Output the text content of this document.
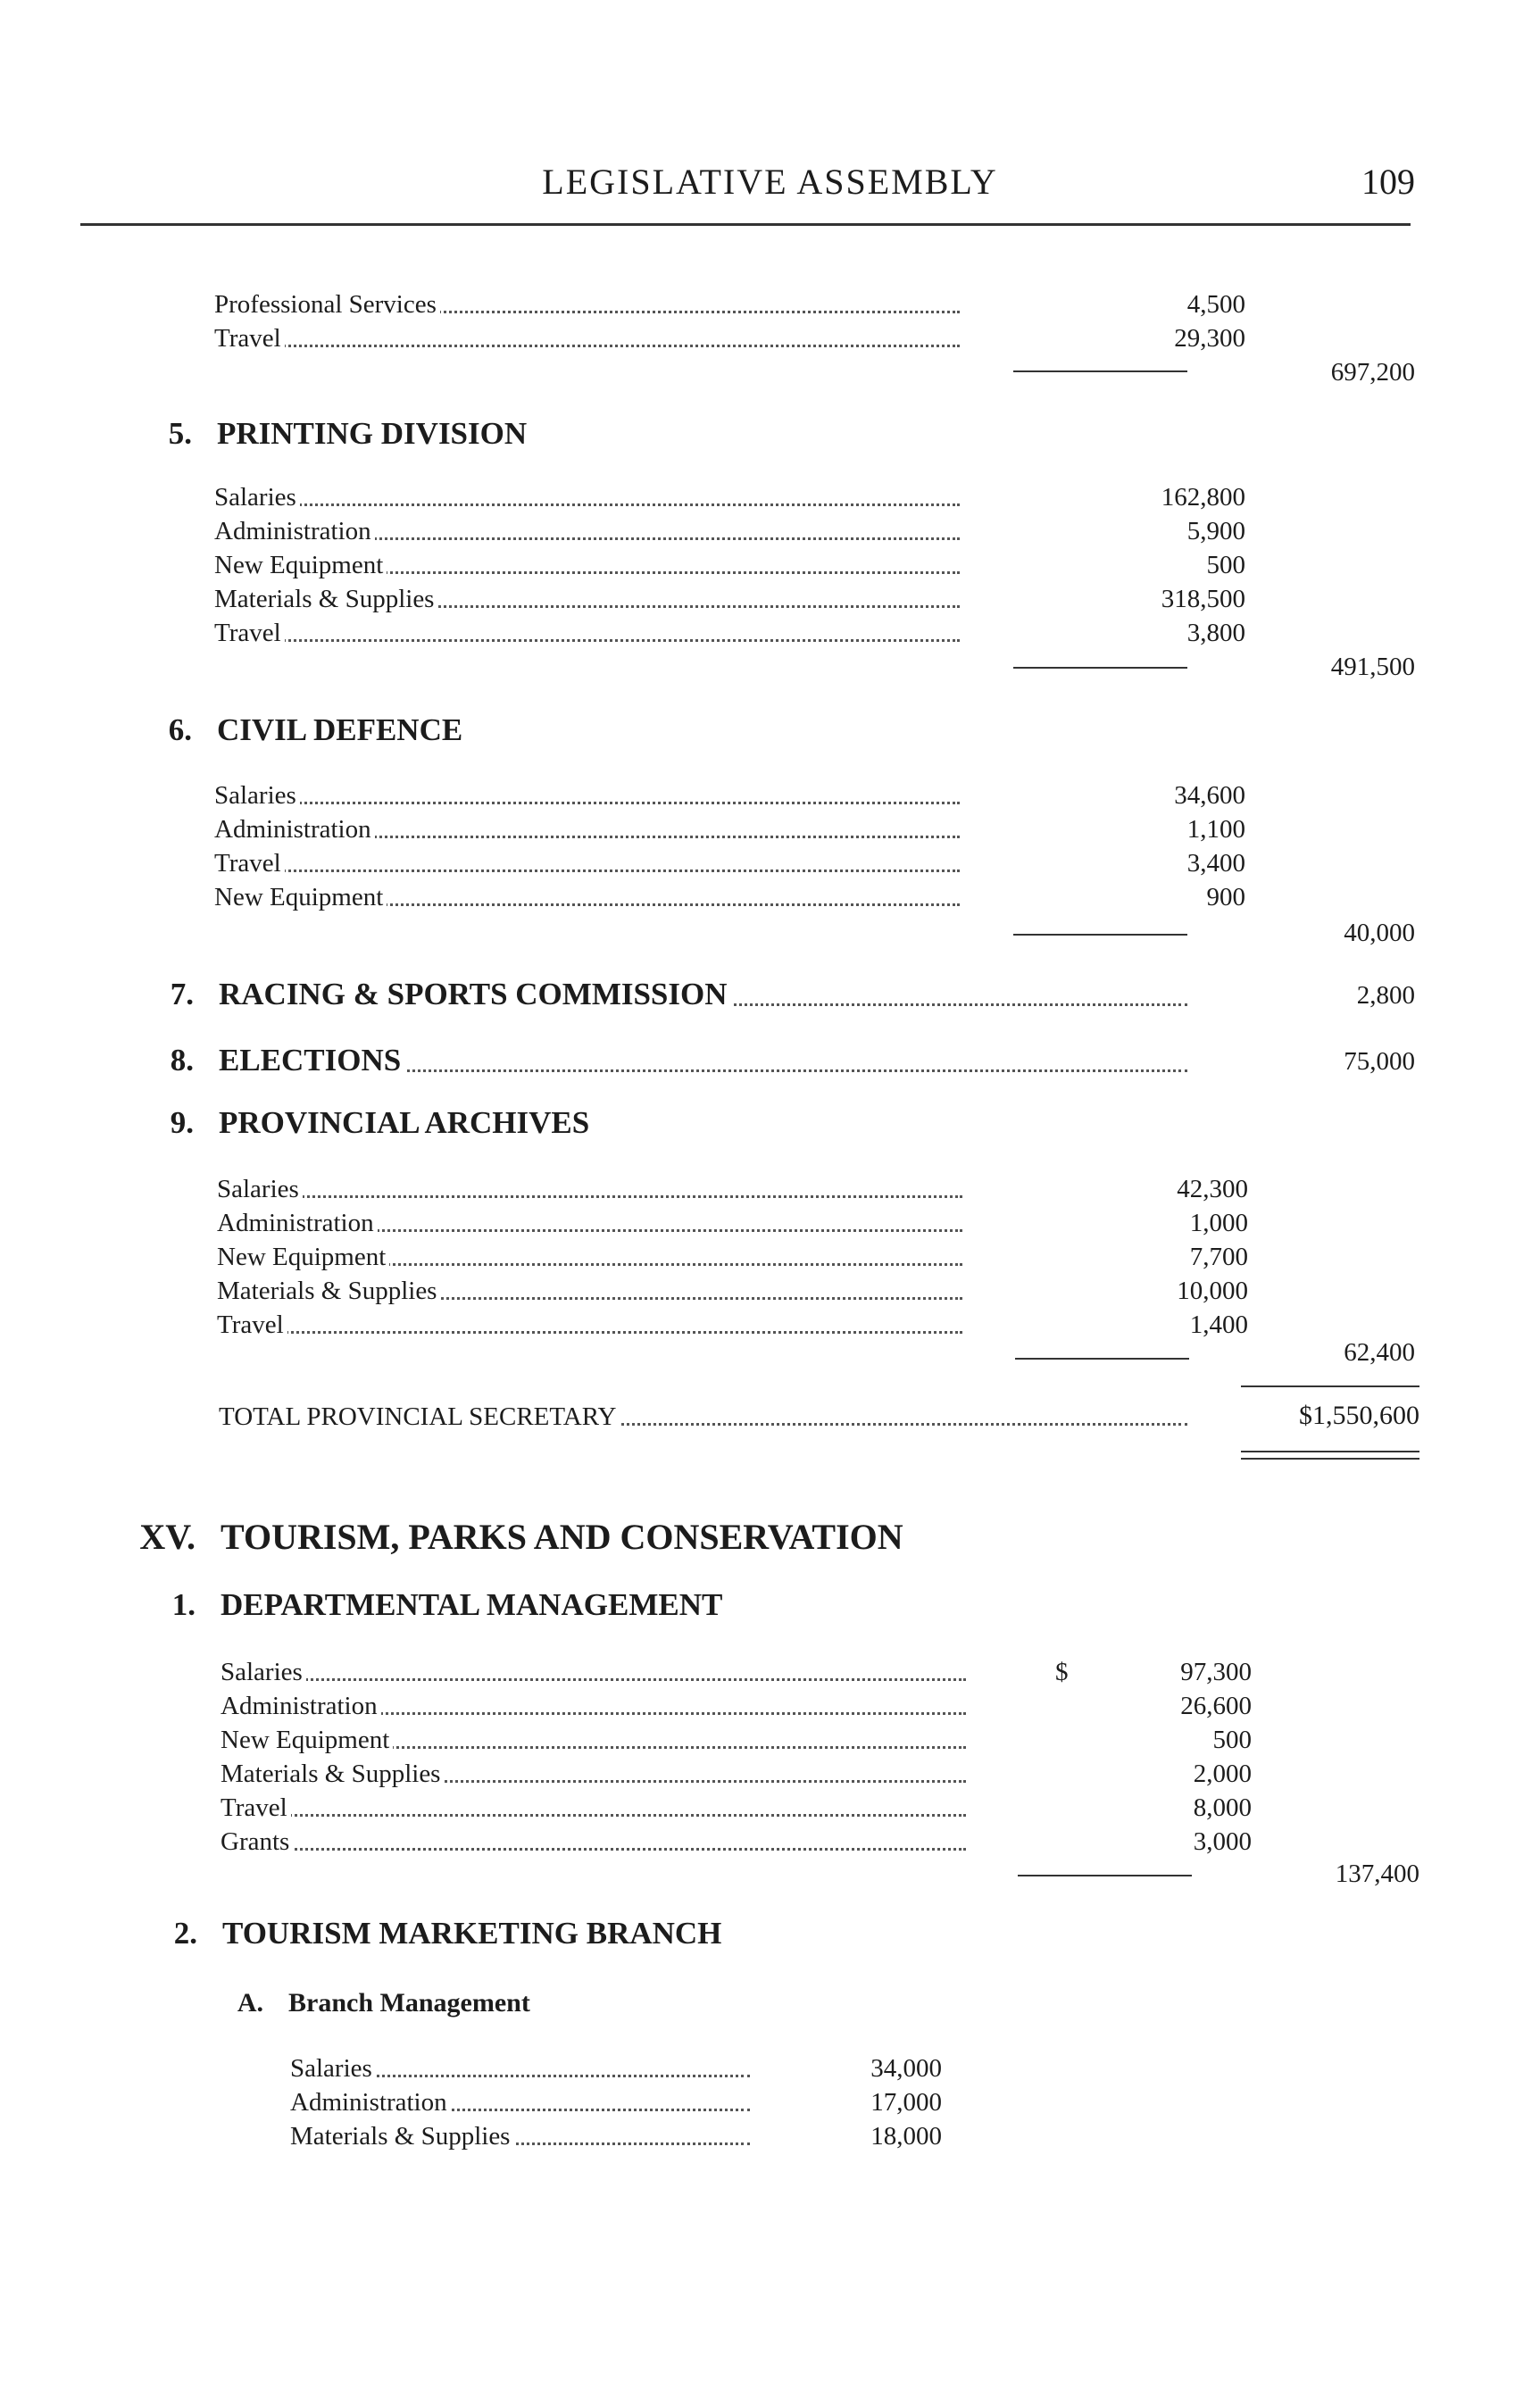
LEGISLATIVE ASSEMBLY	109
Professional Services	4,500
Travel	29,300
697,200
5. PRINTING DIVISION
Salaries	162,800
Administration	5,900
New Equipment	500
Materials & Supplies	318,500
Travel	3,800
491,500
6. CIVIL DEFENCE
Salaries	34,600
Administration	1,100
Travel	3,400
New Equipment	900
40,000
7. RACING & SPORTS COMMISSION	2,800
8. ELECTIONS	75,000
9. PROVINCIAL ARCHIVES
Salaries	42,300
Administration	1,000
New Equipment	7,700
Materials & Supplies	10,000
Travel	1,400
62,400
TOTAL PROVINCIAL SECRETARY	$1,550,600
XV. TOURISM, PARKS AND CONSERVATION
1. DEPARTMENTAL MANAGEMENT
Salaries	$	97,300
Administration	26,600
New Equipment	500
Materials & Supplies	2,000
Travel	8,000
Grants	3,000
137,400
2. TOURISM MARKETING BRANCH
A. Branch Management
Salaries	34,000
Administration	17,000
Materials & Supplies	18,000
